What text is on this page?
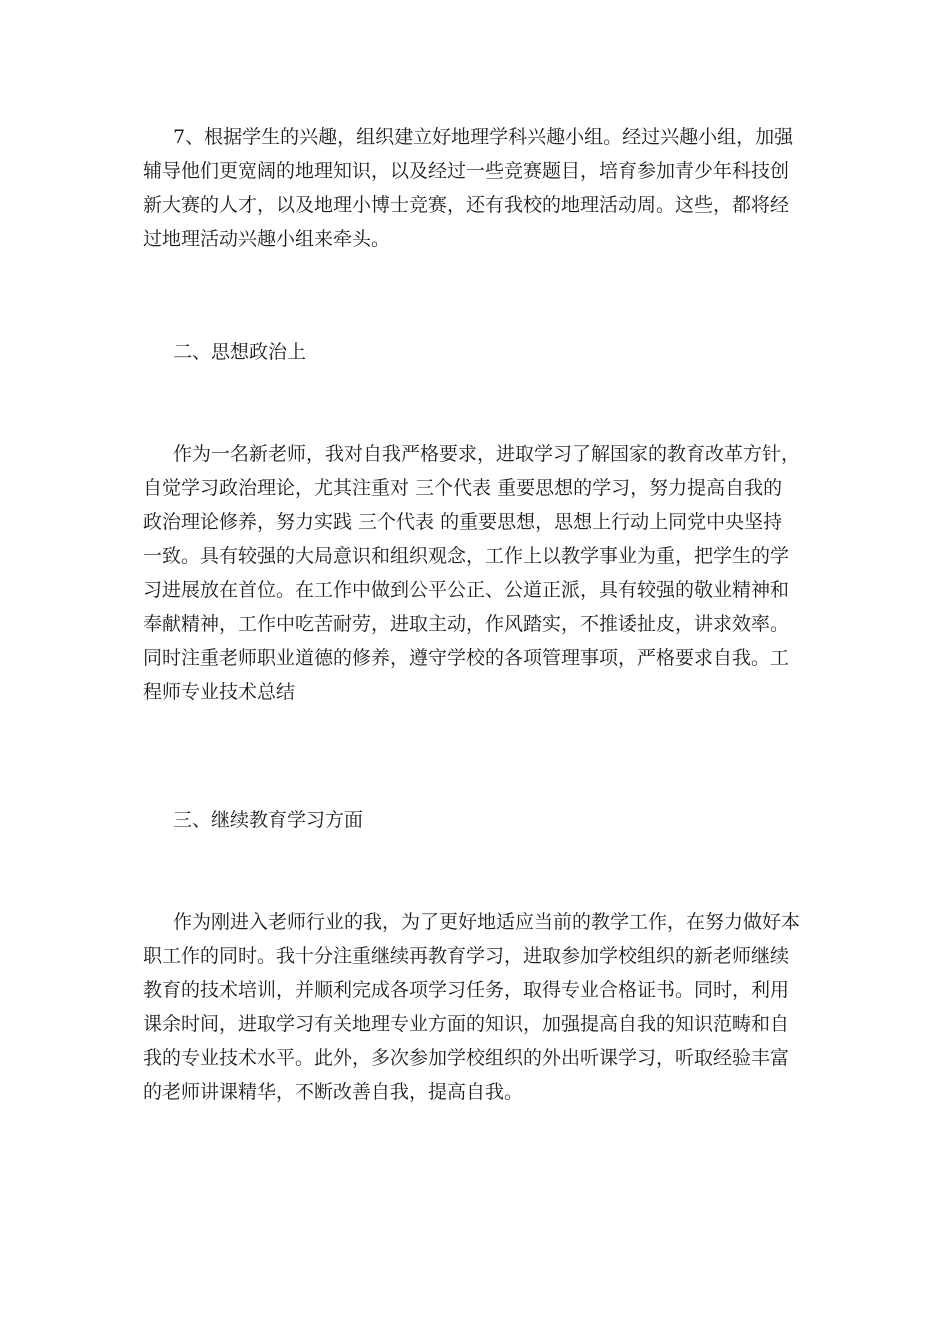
7、根据学生的兴趣，组织建立好地理学科兴趣小组。经过兴趣小组，加强
辅导他们更宽阔的地理知识，以及经过一些竞赛题目，培育参加青少年科技创
新大赛的人才，以及地理小博士竞赛，还有我校的地理活动周。这些，都将经
过地理活动兴趣小组来牵头。
二、思想政治上
作为一名新老师，我对自我严格要求，进取学习了解国家的教育改革方针，
自觉学习政治理论，尤其注重对 三个代表 重要思想的学习，努力提高自我的
政治理论修养，努力实践 三个代表 的重要思想，思想上行动上同党中央坚持
一致。具有较强的大局意识和组织观念，工作上以教学事业为重，把学生的学
习进展放在首位。在工作中做到公平公正、公道正派，具有较强的敬业精神和
奉献精神，工作中吃苦耐劳，进取主动，作风踏实，不推诿扯皮，讲求效率。
同时注重老师职业道德的修养，遵守学校的各项管理事项，严格要求自我。工
程师专业技术总结
三、继续教育学习方面
作为刚进入老师行业的我，为了更好地适应当前的教学工作，在努力做好本
职工作的同时。我十分注重继续再教育学习，进取参加学校组织的新老师继续
教育的技术培训，并顺利完成各项学习任务，取得专业合格证书。同时，利用
课余时间，进取学习有关地理专业方面的知识，加强提高自我的知识范畴和自
我的专业技术水平。此外，多次参加学校组织的外出听课学习，听取经验丰富
的老师讲课精华，不断改善自我，提高自我。
